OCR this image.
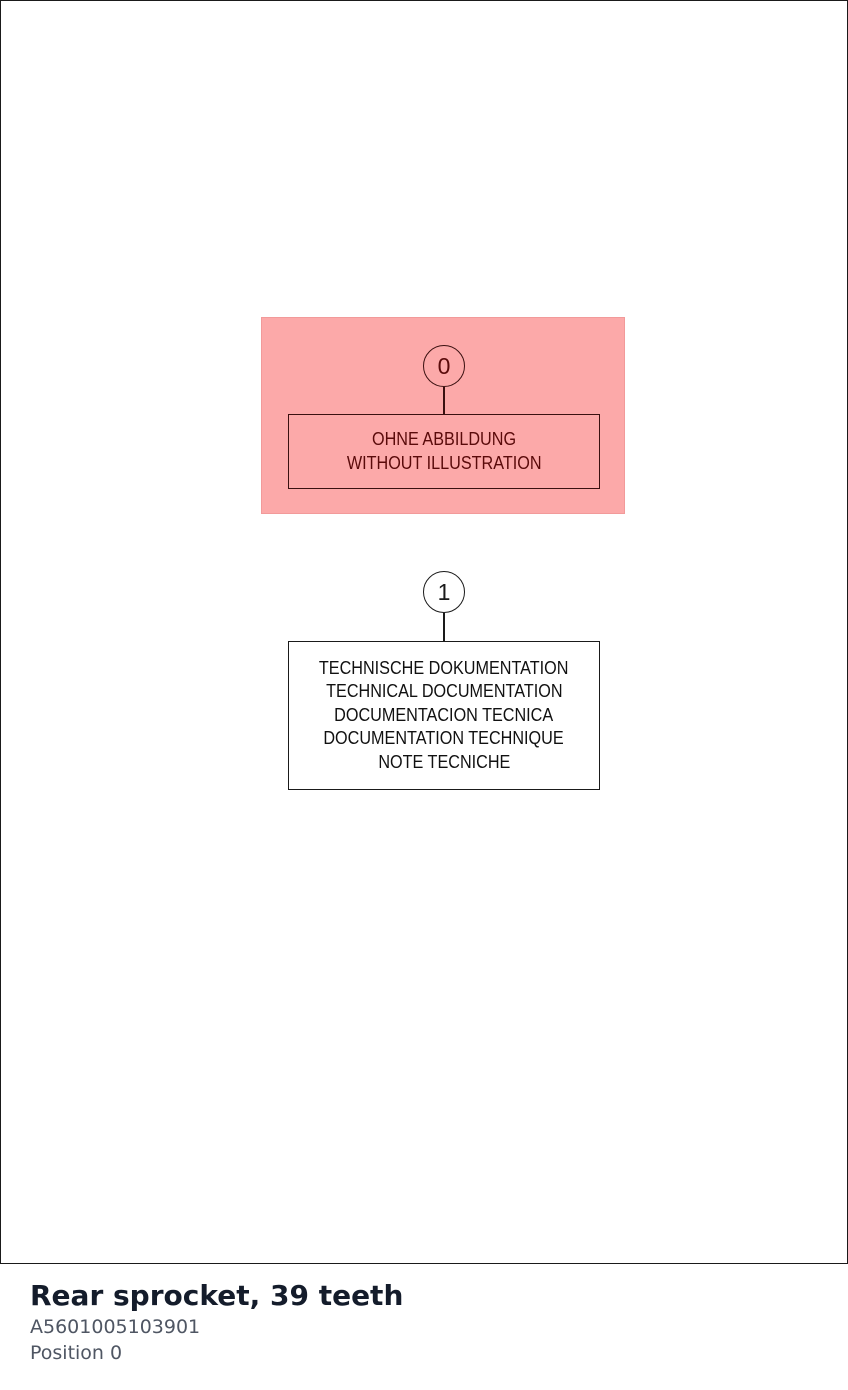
0
OHNE ABBILDUNG
WITHOUT ILLUSTRATION
1
TECHNISCHE DOKUMENTATION
TECHNICAL DOCUMENTATION
DOCUMENTACION TECNICA
DOCUMENTATION TECHNIQUE
NOTE TECNICHE

Rear sprocket, 39 teeth

A5601005103901

Position 0
